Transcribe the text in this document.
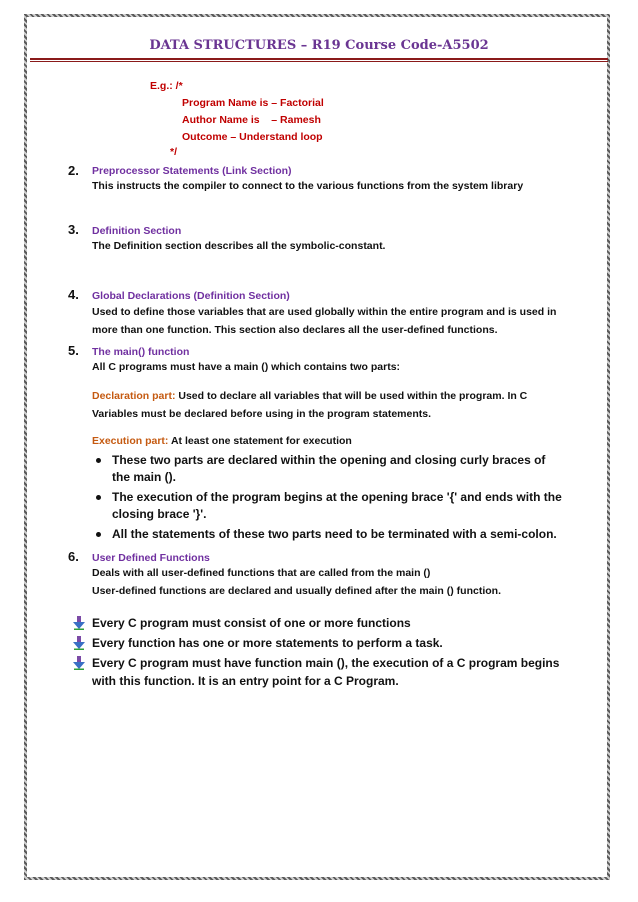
DATA STRUCTURES – R19 Course Code-A5502
E.g.: /*
Program Name is – Factorial
Author Name is    – Ramesh
Outcome – Understand loop
*/
2. Preprocessor Statements (Link Section)
This instructs the compiler to connect to the various functions from the system library
3. Definition Section
The Definition section describes all the symbolic-constant.
4. Global Declarations (Definition Section)
Used to define those variables that are used globally within the entire program and is used in more than one function. This section also declares all the user-defined functions.
5. The main() function
All C programs must have a main () which contains two parts:
Declaration part: Used to declare all variables that will be used within the program. In C Variables must be declared before using in the program statements.
Execution part: At least one statement for execution
These two parts are declared within the opening and closing curly braces of the main ().
The execution of the program begins at the opening brace '{' and ends with the closing brace '}'.
All the statements of these two parts need to be terminated with a semi-colon.
6. User Defined Functions
Deals with all user-defined functions that are called from the main ()
User-defined functions are declared and usually defined after the main () function.
Every C program must consist of one or more functions
Every function has one or more statements to perform a task.
Every C program must have function main (), the execution of a C program begins with this function. It is an entry point for a C Program.
